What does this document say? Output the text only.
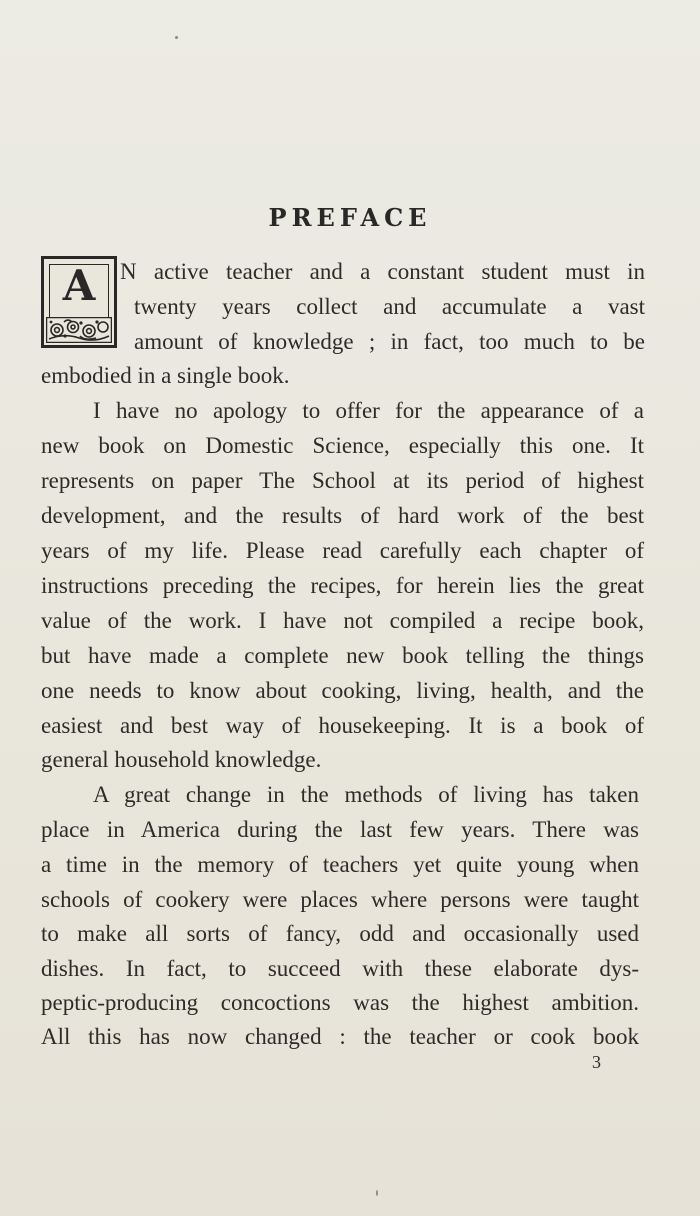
PREFACE
A	N active teacher and a constant student must in

twenty years collect and accumulate a vast

amount of knowledge ; in fact, too much to be

embodied in a single book.

I have no apology to offer for the appearance of a

new book on Domestic Science, especially this one. It

represents on paper The School at its period of highest

development, and the results of hard work of the best

years of my life. Please read carefully each chapter of

instructions preceding the recipes, for herein lies the great

value of the work. I have not compiled a recipe book,

but have made a complete new book telling the things

one needs to know about cooking, living, health, and the

easiest and best way of housekeeping. It is a book of

general household knowledge.

A great change in the methods of living has taken

place in America during the last few years. There was

a time in the memory of teachers yet quite young when

schools of cookery were places where persons were taught

to make all sorts of fancy, odd and occasionally used

dishes. In fact, to succeed with these elaborate dys-

peptic-producing concoctions was the highest ambition.

All this has now changed : the teacher or cook book

3
